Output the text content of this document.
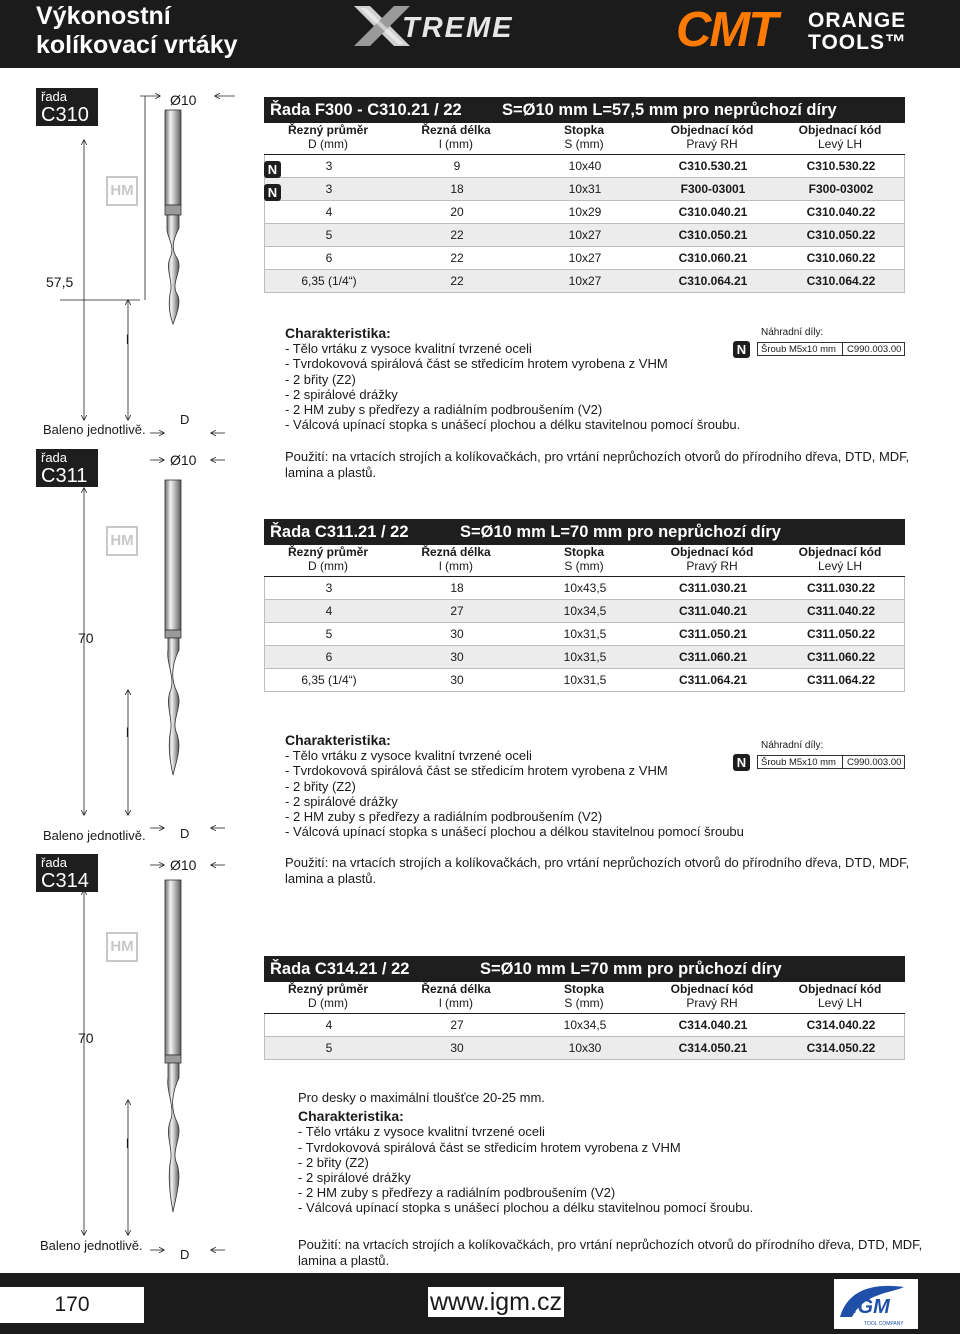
Výkonostní
kolíkovací vrtáky
TREME	CMT	ORANGE
TOOLS™
řada
C310
Ø10
HM
57,5
l
D
Baleno jednotlivě.
Řada F300 - C310.21 / 22 S=Ø10 mm L=57,5 mm pro neprůchozí díry
Řezný průměr
D (mm)
Řezná délka
l (mm)
Stopka
S (mm)
Objednací kód
Pravý RH
Objednací kód
Levý LH
3	9	10x40	C310.530.21	C310.530.22
3	18	10x31	F300-03001	F300-03002
4	20	10x29	C310.040.21	C310.040.22
5	22	10x27	C310.050.21	C310.050.22
6	22	10x27	C310.060.21	C310.060.22
6,35 (1/4“)	22	10x27	C310.064.21	C310.064.22
N
N
Charakteristika:
- Tělo vrtáku z vysoce kvalitní tvrzené oceli
- Tvrdokovová spirálová část se středicím hrotem vyrobena z VHM
- 2 břity (Z2)
- 2 spirálové drážky
- 2 HM zuby s předřezy a radiálním podbroušením (V2)
- Válcová upínací stopka s unášecí plochou a délku stavitelnou pomocí šroubu.
Náhradní díly:
N	Šroub M5x10 mm	C990.003.00
řada
C311
Ø10	Použití: na vrtacích strojích a kolíkovačkách, pro vrtání neprůchozích otvorů do přírodního dřeva, DTD, MDF, lamina a plastů.
HM
70
l
D
Baleno jednotlivě.
Řada C311.21 / 22	S=Ø10 mm L=70 mm pro neprůchozí díry
Řezný průměr
D (mm)
Řezná délka
l (mm)
Stopka
S (mm)
Objednací kód
Pravý RH
Objednací kód
Levý LH
3	18	10x43,5	C311.030.21	C311.030.22
4	27	10x34,5	C311.040.21	C311.040.22
5	30	10x31,5	C311.050.21	C311.050.22
6	30	10x31,5	C311.060.21	C311.060.22
6,35 (1/4“)	30	10x31,5	C311.064.21	C311.064.22
Charakteristika:
- Tělo vrtáku z vysoce kvalitní tvrzené oceli
- Tvrdokovová spirálová část se středicím hrotem vyrobena z VHM
- 2 břity (Z2)
- 2 spirálové drážky
- 2 HM zuby s předřezy a radiálním podbroušením (V2)
- Válcová upínací stopka s unášecí plochou a délkou stavitelnou pomocí šroubu
Náhradní díly:
N	Šroub M5x10 mm	C990.003.00
řada
C314
Ø10	Použití: na vrtacích strojích a kolíkovačkách, pro vrtání neprůchozích otvorů do přírodního dřeva, DTD, MDF, lamina a plastů.
HM
70
l
D
Baleno jednotlivě.
Řada C314.21 / 22	S=Ø10 mm L=70 mm pro průchozí díry
Řezný průměr
D (mm)
Řezná délka
l (mm)
Stopka
S (mm)
Objednací kód
Pravý RH
Objednací kód
Levý LH
4	27	10x34,5	C314.040.21	C314.040.22
5	30	10x30	C314.050.21	C314.050.22
Pro desky o maximální tloušťce 20-25 mm.
Charakteristika:
- Tělo vrtáku z vysoce kvalitní tvrzené oceli
- Tvrdokovová spirálová část se středicím hrotem vyrobena z VHM
- 2 břity (Z2)
- 2 spirálové drážky
- 2 HM zuby s předřezy a radiálním podbroušením (V2)
- Válcová upínací stopka s unášecí plochou a délku stavitelnou pomocí šroubu.
Použití: na vrtacích strojích a kolíkovačkách, pro vrtání neprůchozích otvorů do přírodního dřeva, DTD, MDF, lamina a plastů.
170	www.igm.cz	IGM
TOOL COMPANY
